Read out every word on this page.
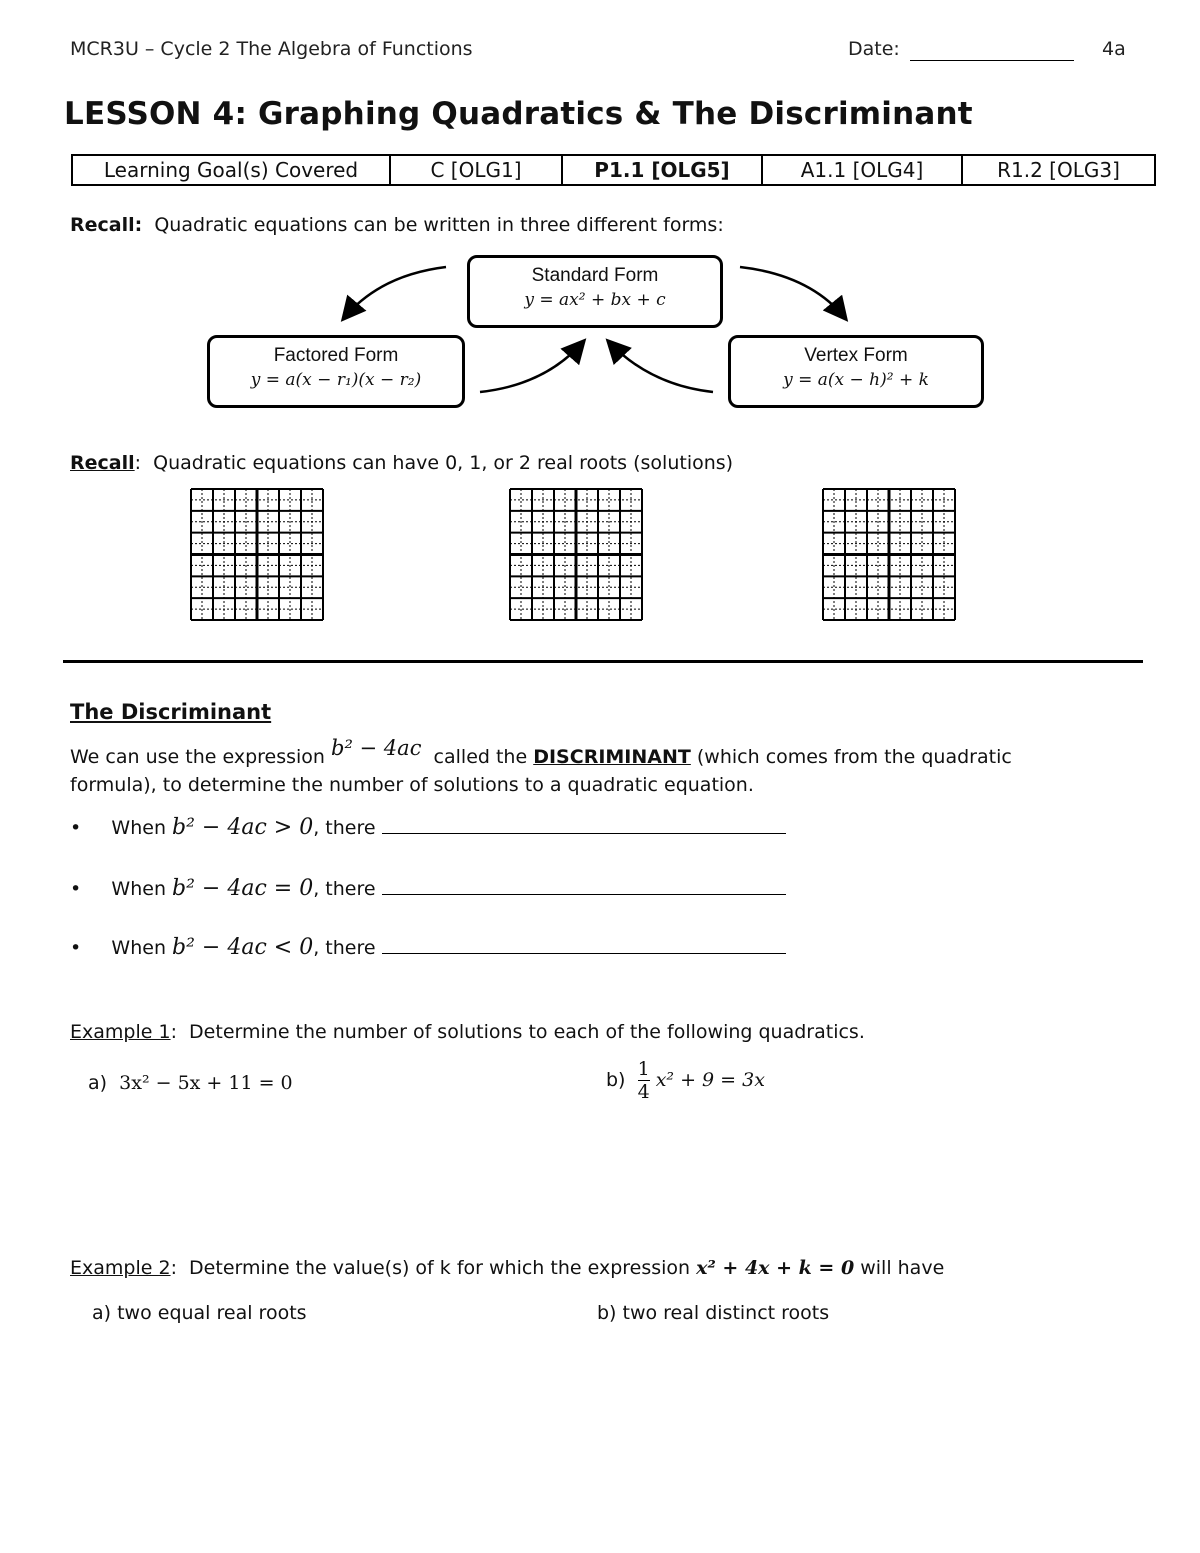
MCR3U – Cycle 2 The Algebra of Functions	Date:	4a
LESSON 4: Graphing Quadratics & The Discriminant
Learning Goal(s) Covered	C [OLG1]	P1.1 [OLG5]	A1.1 [OLG4]	R1.2 [OLG3]
Recall: Quadratic equations can be written in three different forms:
Standard Form
y = ax² + bx + c
Factored Form
y = a(x − r₁)(x − r₂)
Vertex Form
y = a(x − h)² + k
Recall:  Quadratic equations can have 0, 1, or 2 real roots (solutions)
The Discriminant
We can use the expression b² − 4ac called the DISCRIMINANT (which comes from the quadratic
formula), to determine the number of solutions to a quadratic equation.
• When b² − 4ac > 0, there
• When b² − 4ac = 0, there
• When b² − 4ac < 0, there
Example 1:  Determine the number of solutions to each of the following quadratics.
a) 3x² − 5x + 11 = 0	$b) \frac{1}{4} x^2 + 9 = 3x$
Example 2:  Determine the value(s) of k for which the expression x² + 4x + k = 0 will have
a) two equal real roots	b) two real distinct roots
